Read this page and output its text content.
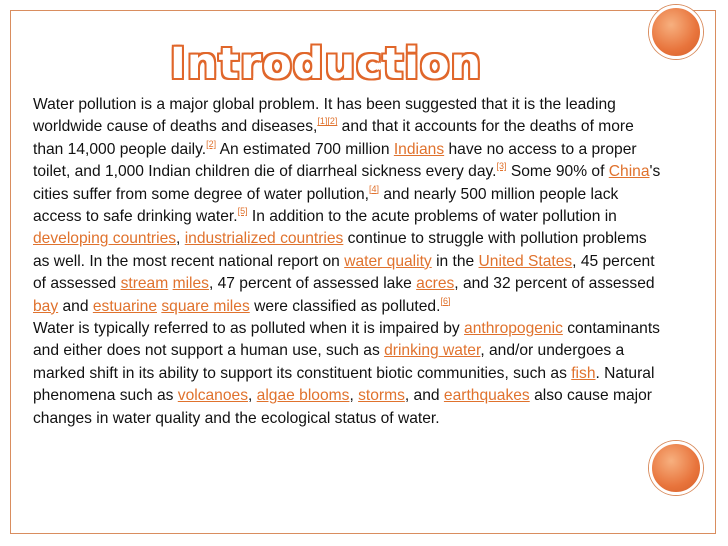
Introduction

Water pollution is a major global problem. It has been suggested that it is the leading worldwide cause of deaths and diseases,[1][2] and that it accounts for the deaths of more than 14,000 people daily.[2] An estimated 700 million Indians have no access to a proper toilet, and 1,000 Indian children die of diarrheal sickness every day.[3] Some 90% of China's cities suffer from some degree of water pollution,[4] and nearly 500 million people lack access to safe drinking water.[5] In addition to the acute problems of water pollution in developing countries, industrialized countries continue to struggle with pollution problems as well. In the most recent national report on water quality in the United States, 45 percent of assessed stream miles, 47 percent of assessed lake acres, and 32 percent of assessed bay and estuarine square miles were classified as polluted.[6]

Water is typically referred to as polluted when it is impaired by anthropogenic contaminants and either does not support a human use, such as drinking water, and/or undergoes a marked shift in its ability to support its constituent biotic communities, such as fish. Natural phenomena such as volcanoes, algae blooms, storms, and earthquakes also cause major changes in water quality and the ecological status of water.
